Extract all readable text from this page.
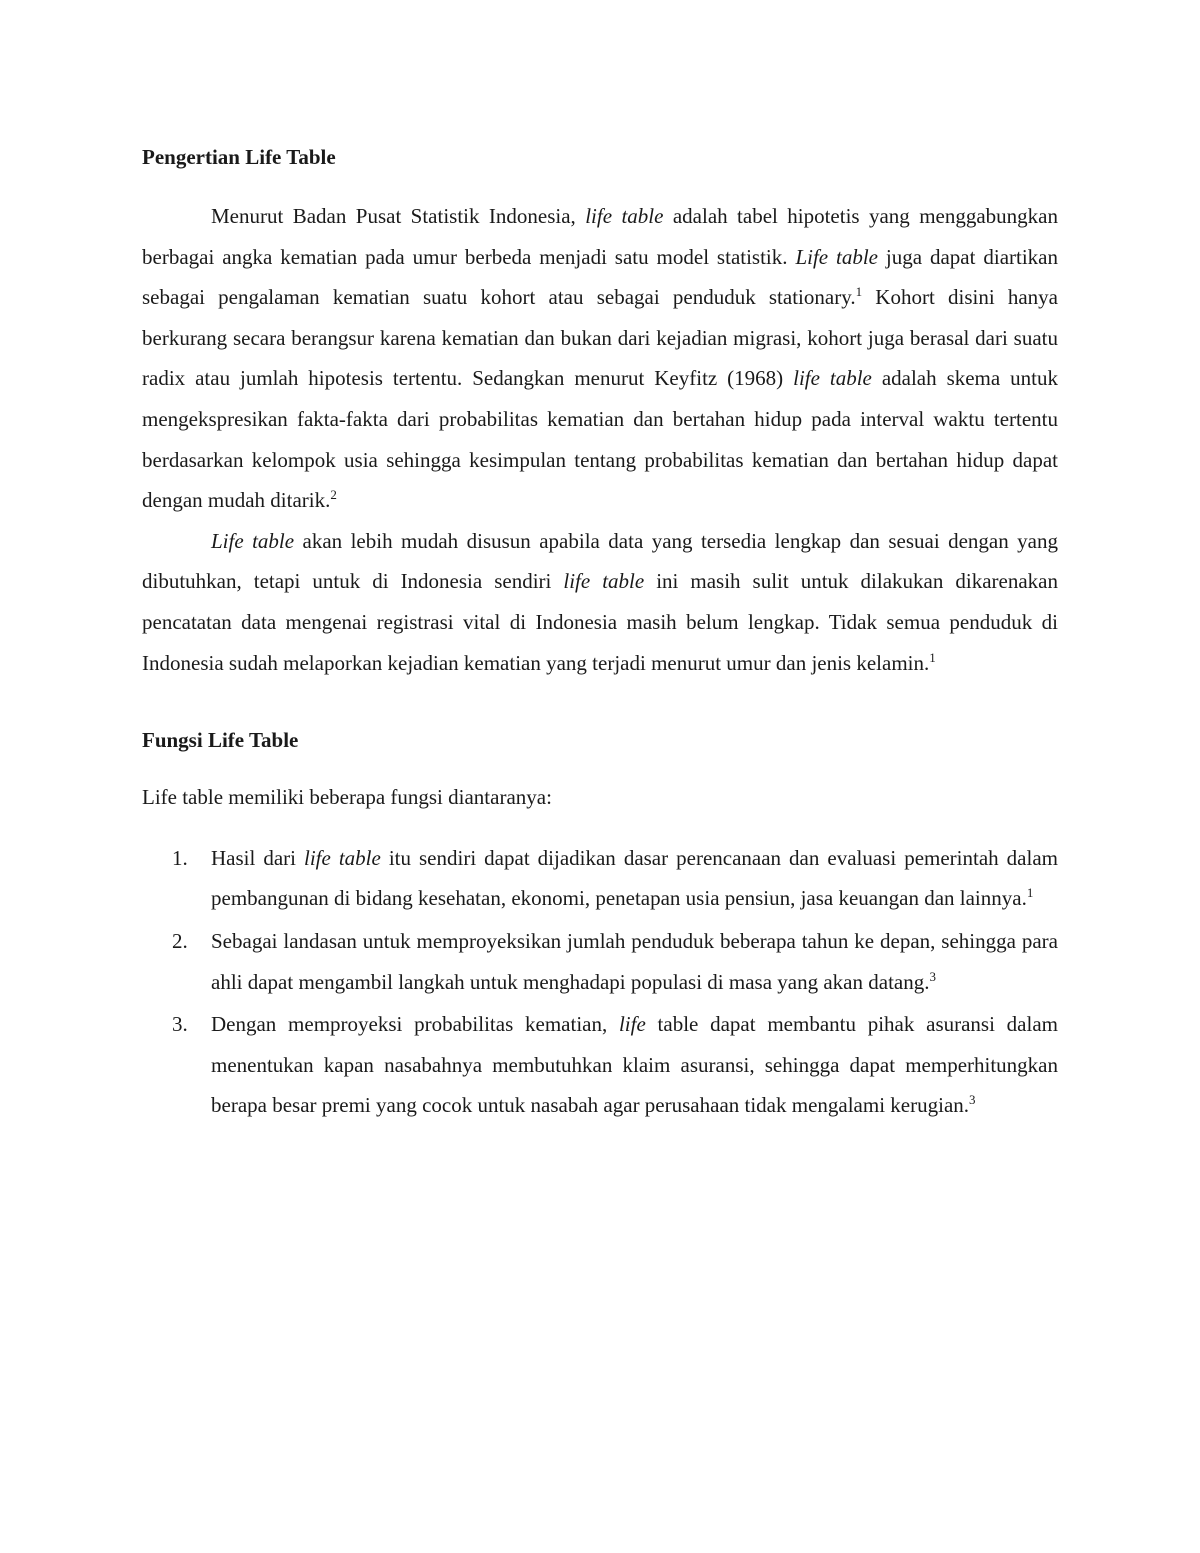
Pengertian Life Table

Menurut Badan Pusat Statistik Indonesia, life table adalah tabel hipotetis yang menggabungkan berbagai angka kematian pada umur berbeda menjadi satu model statistik. Life table juga dapat diartikan sebagai pengalaman kematian suatu kohort atau sebagai penduduk stationary.$^1$ Kohort disini hanya berkurang secara berangsur karena kematian dan bukan dari kejadian migrasi, kohort juga berasal dari suatu radix atau jumlah hipotesis tertentu. Sedangkan menurut Keyfitz (1968) life table adalah skema untuk mengekspresikan fakta-fakta dari probabilitas kematian dan bertahan hidup pada interval waktu tertentu berdasarkan kelompok usia sehingga kesimpulan tentang probabilitas kematian dan bertahan hidup dapat dengan mudah ditarik.$^2$

Life table akan lebih mudah disusun apabila data yang tersedia lengkap dan sesuai dengan yang dibutuhkan, tetapi untuk di Indonesia sendiri life table ini masih sulit untuk dilakukan dikarenakan pencatatan data mengenai registrasi vital di Indonesia masih belum lengkap. Tidak semua penduduk di Indonesia sudah melaporkan kejadian kematian yang terjadi menurut umur dan jenis kelamin.$^1$

Fungsi Life Table

Life table memiliki beberapa fungsi diantaranya:

1. Hasil dari life table itu sendiri dapat dijadikan dasar perencanaan dan evaluasi pemerintah dalam pembangunan di bidang kesehatan, ekonomi, penetapan usia pensiun, jasa keuangan dan lainnya.$^1$
2. Sebagai landasan untuk memproyeksikan jumlah penduduk beberapa tahun ke depan, sehingga para ahli dapat mengambil langkah untuk menghadapi populasi di masa yang akan datang.$^3$
3. Dengan memproyeksi probabilitas kematian, life table dapat membantu pihak asuransi dalam menentukan kapan nasabahnya membutuhkan klaim asuransi, sehingga dapat memperhitungkan berapa besar premi yang cocok untuk nasabah agar perusahaan tidak mengalami kerugian.$^3$
